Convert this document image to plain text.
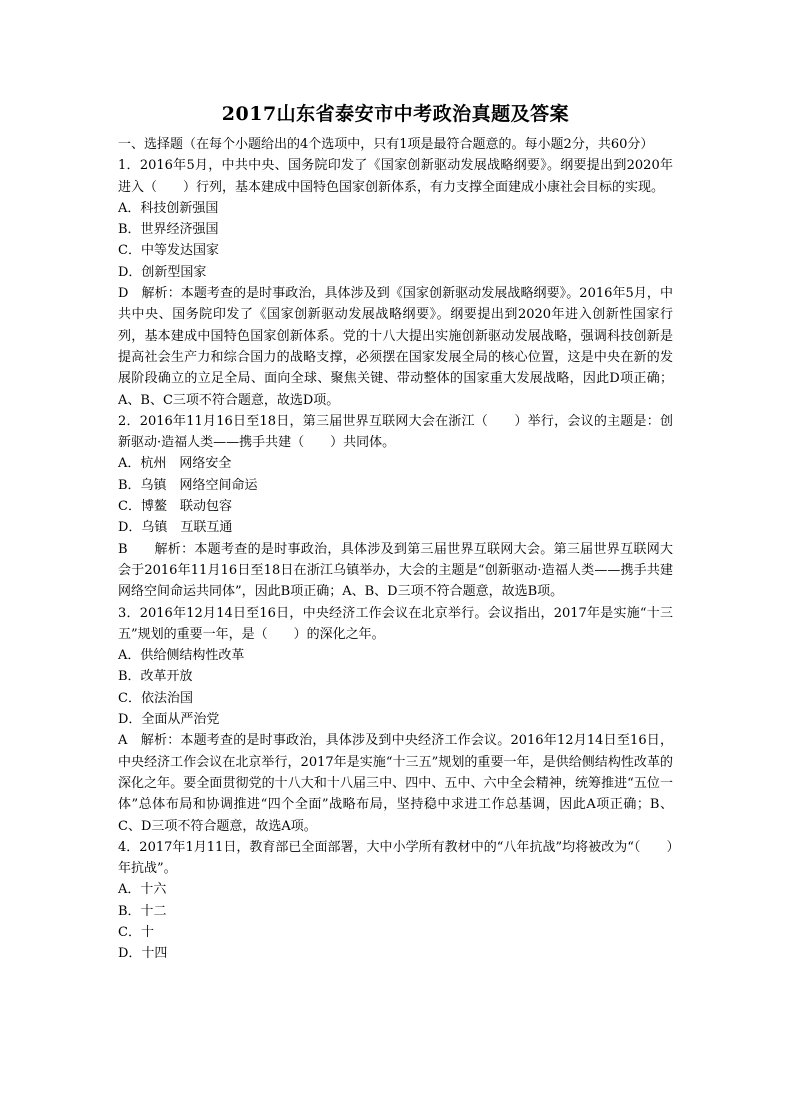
2017山东省泰安市中考政治真题及答案

一、选择题（在每个小题给出的4个选项中，只有1项是最符合题意的。每小题2分，共60分）

1．2016年5月，中共中央、国务院印发了《国家创新驱动发展战略纲要》。纲要提出到2020年进入（　　）行列，基本建成中国特色国家创新体系，有力支撑全面建成小康社会目标的实现。

A．科技创新强国

B．世界经济强国

C．中等发达国家

D．创新型国家

D　解析：本题考查的是时事政治，具体涉及到《国家创新驱动发展战略纲要》。2016年5月，中共中央、国务院印发了《国家创新驱动发展战略纲要》。纲要提出到2020年进入创新性国家行列，基本建成中国特色国家创新体系。党的十八大提出实施创新驱动发展战略，强调科技创新是提高社会生产力和综合国力的战略支撑，必须摆在国家发展全局的核心位置，这是中央在新的发展阶段确立的立足全局、面向全球、聚焦关键、带动整体的国家重大发展战略，因此D项正确；A、B、C三项不符合题意，故选D项。

2．2016年11月16日至18日，第三届世界互联网大会在浙江（　　）举行，会议的主题是：创新驱动·造福人类——携手共建（　　）共同体。

A．杭州　网络安全

B．乌镇　网络空间命运

C．博鳌　联动包容

D．乌镇　互联互通

B　　解析：本题考查的是时事政治，具体涉及到第三届世界互联网大会。第三届世界互联网大会于2016年11月16日至18日在浙江乌镇举办，大会的主题是“创新驱动·造福人类——携手共建网络空间命运共同体”，因此B项正确；A、B、D三项不符合题意，故选B项。

3．2016年12月14日至16日，中央经济工作会议在北京举行。会议指出，2017年是实施“十三五”规划的重要一年，是（　　）的深化之年。

A．供给侧结构性改革

B．改革开放

C．依法治国

D．全面从严治党

A　解析：本题考查的是时事政治，具体涉及到中央经济工作会议。2016年12月14日至16日，中央经济工作会议在北京举行，2017年是实施“十三五”规划的重要一年，是供给侧结构性改革的深化之年。要全面贯彻党的十八大和十八届三中、四中、五中、六中全会精神，统筹推进“五位一体”总体布局和协调推进“四个全面”战略布局，坚持稳中求进工作总基调，因此A项正确；B、C、D三项不符合题意，故选A项。

4．2017年1月11日，教育部已全面部署，大中小学所有教材中的“八年抗战”均将被改为“（　　）年抗战”。

A．十六

B．十二

C．十

D．十四
